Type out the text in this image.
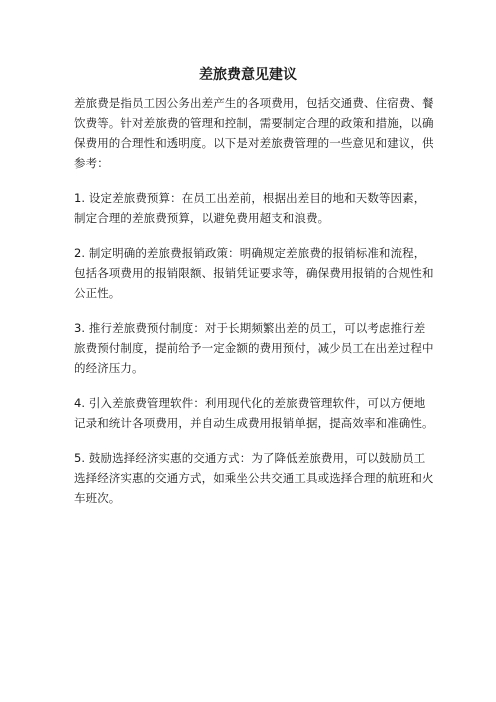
差旅费意见建议

差旅费是指员工因公务出差产生的各项费用，包括交通费、住宿费、餐饮费等。针对差旅费的管理和控制，需要制定合理的政策和措施，以确保费用的合理性和透明度。以下是对差旅费管理的一些意见和建议，供参考：

1. 设定差旅费预算：在员工出差前，根据出差目的地和天数等因素，制定合理的差旅费预算，以避免费用超支和浪费。

2. 制定明确的差旅费报销政策：明确规定差旅费的报销标准和流程，包括各项费用的报销限额、报销凭证要求等，确保费用报销的合规性和公正性。

3. 推行差旅费预付制度：对于长期频繁出差的员工，可以考虑推行差旅费预付制度，提前给予一定金额的费用预付，减少员工在出差过程中的经济压力。

4. 引入差旅费管理软件：利用现代化的差旅费管理软件，可以方便地记录和统计各项费用，并自动生成费用报销单据，提高效率和准确性。

5. 鼓励选择经济实惠的交通方式：为了降低差旅费用，可以鼓励员工选择经济实惠的交通方式，如乘坐公共交通工具或选择合理的航班和火车班次。
